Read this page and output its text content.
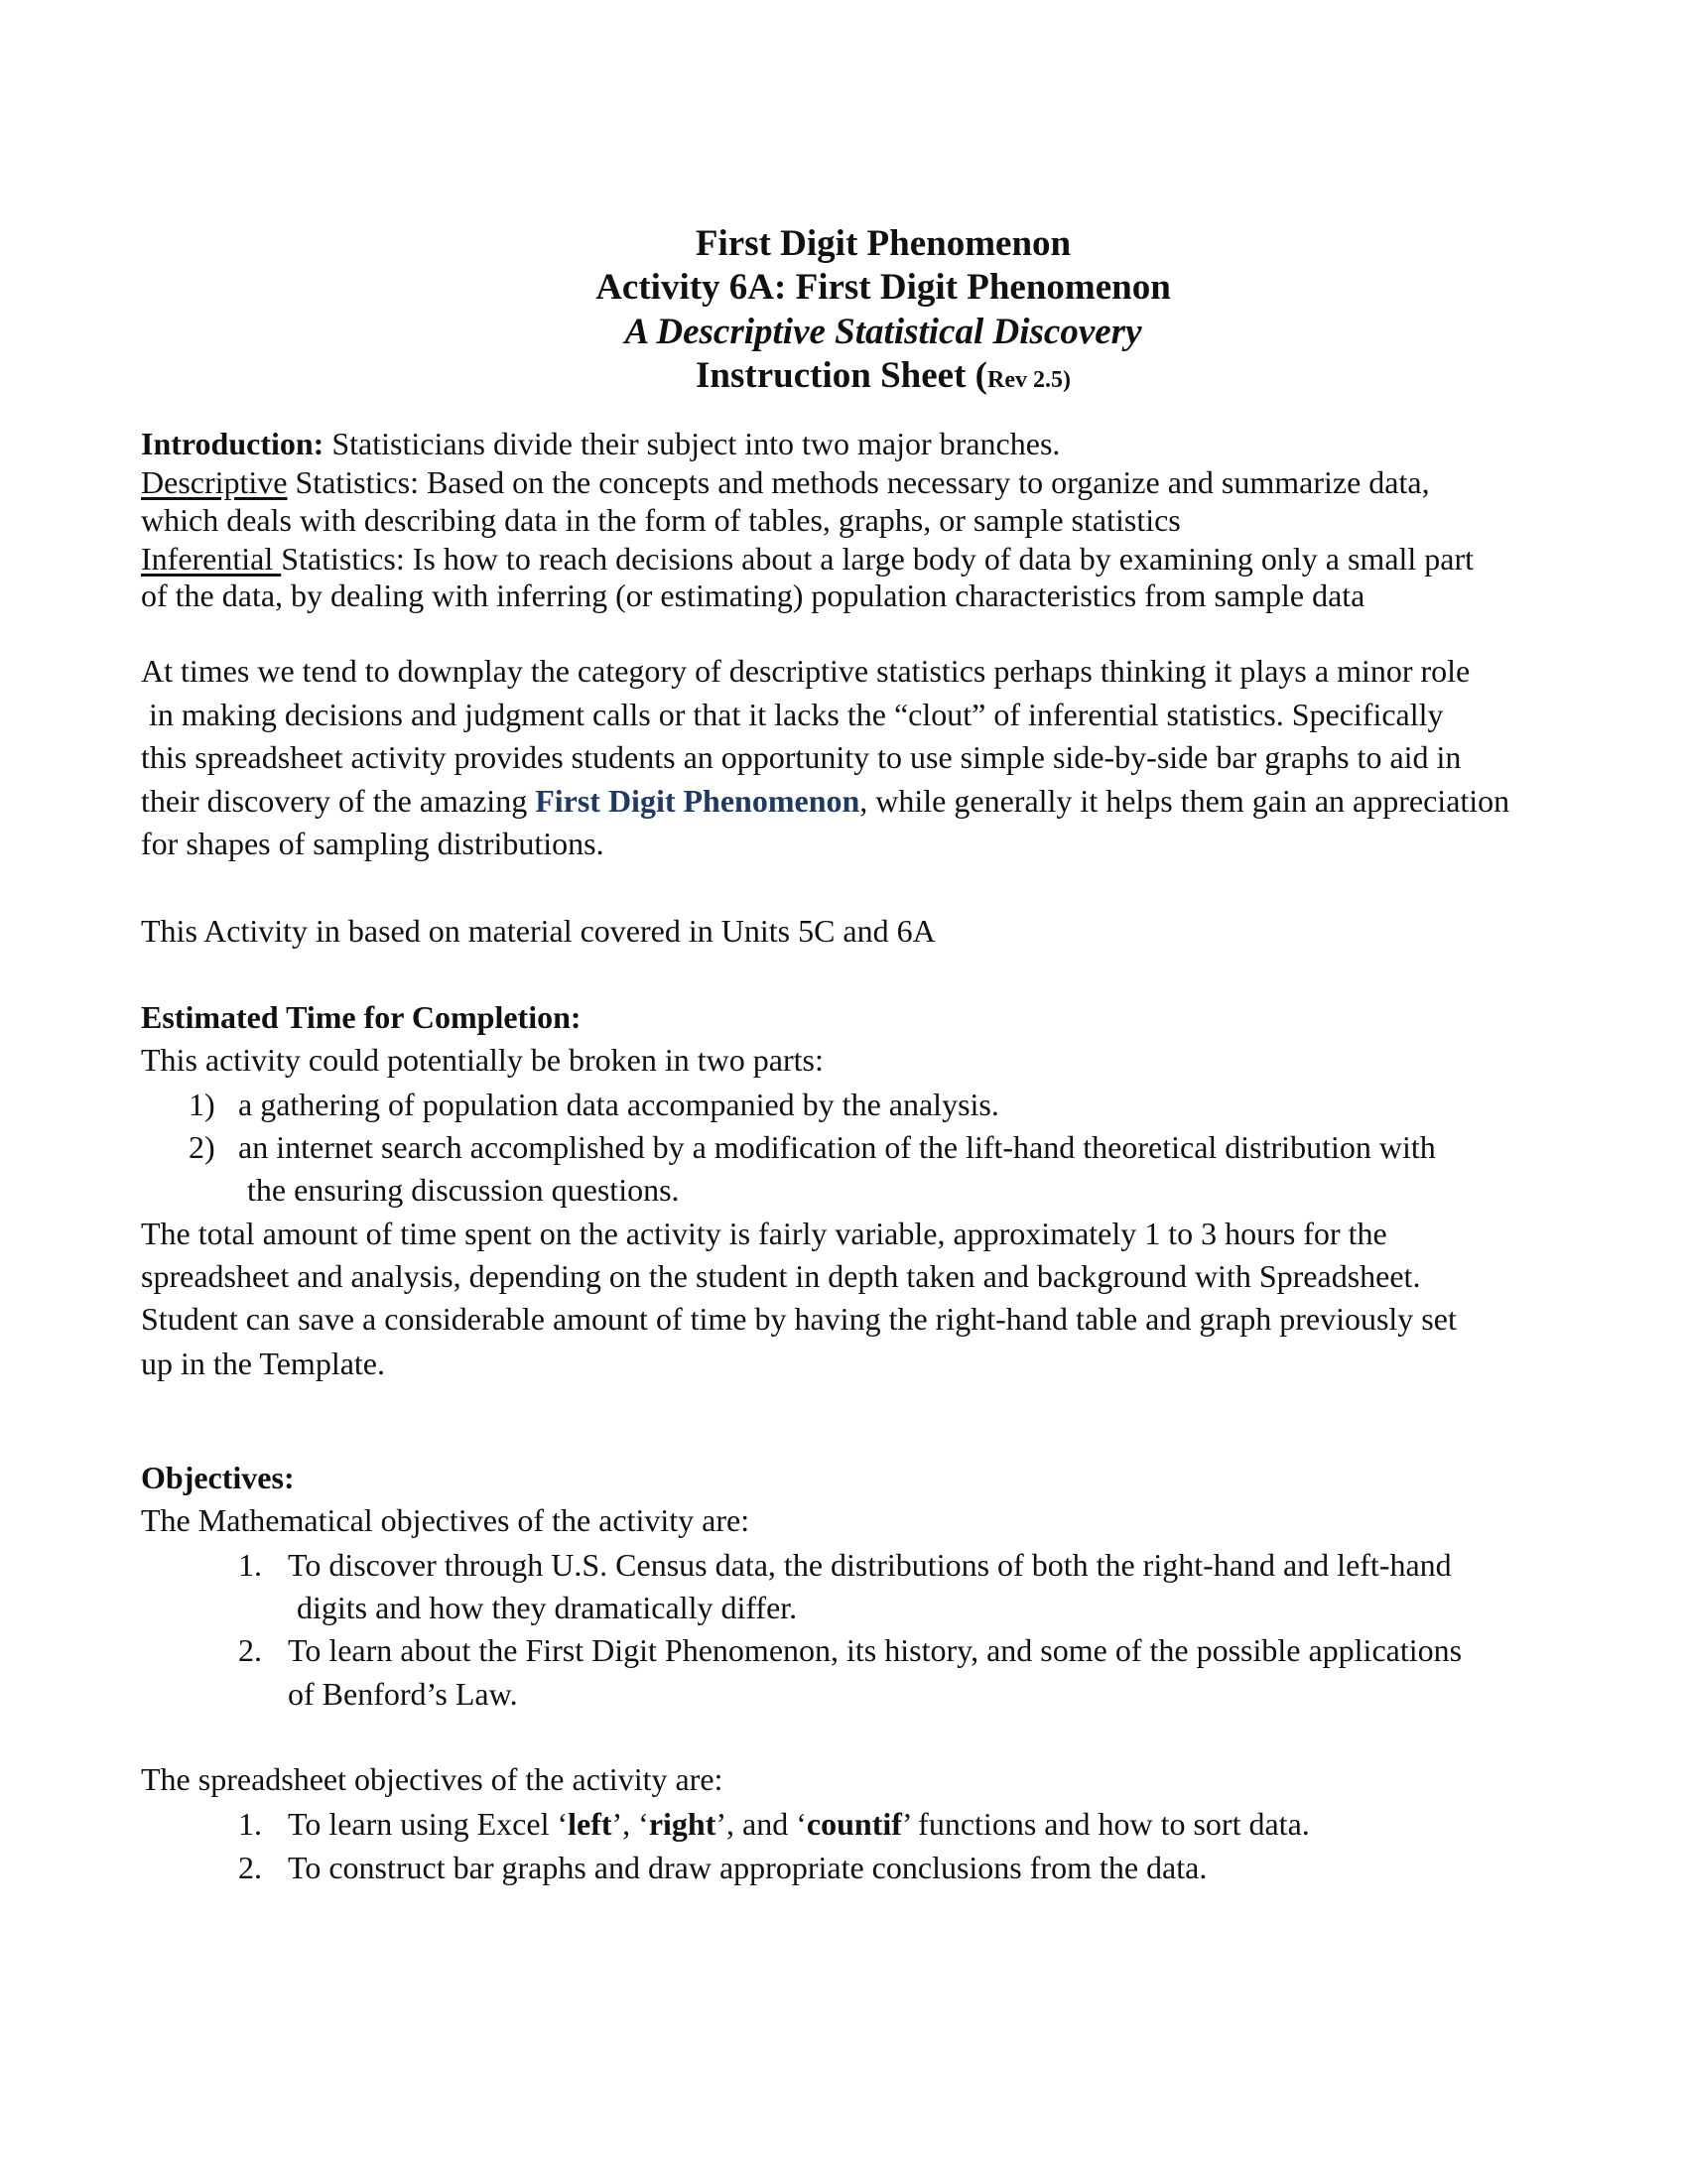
First Digit Phenomenon
Activity 6A: First Digit Phenomenon
A Descriptive Statistical Discovery
Instruction Sheet (Rev 2.5)
Introduction: Statisticians divide their subject into two major branches.
Descriptive Statistics: Based on the concepts and methods necessary to organize and summarize data,
which deals with describing data in the form of tables, graphs, or sample statistics
Inferential Statistics: Is how to reach decisions about a large body of data by examining only a small part
of the data, by dealing with inferring (or estimating) population characteristics from sample data
At times we tend to downplay the category of descriptive statistics perhaps thinking it plays a minor role
in making decisions and judgment calls or that it lacks the “clout” of inferential statistics. Specifically
this spreadsheet activity provides students an opportunity to use simple side-by-side bar graphs to aid in
their discovery of the amazing First Digit Phenomenon, while generally it helps them gain an appreciation
for shapes of sampling distributions.
This Activity in based on material covered in Units 5C and 6A
Estimated Time for Completion:
This activity could potentially be broken in two parts:
1) a gathering of population data accompanied by the analysis.
2) an internet search accomplished by a modification of the lift-hand theoretical distribution with
the ensuring discussion questions.
The total amount of time spent on the activity is fairly variable, approximately 1 to 3 hours for the
spreadsheet and analysis, depending on the student in depth taken and background with Spreadsheet.
Student can save a considerable amount of time by having the right-hand table and graph previously set
up in the Template.
Objectives:
The Mathematical objectives of the activity are:
1. To discover through U.S. Census data, the distributions of both the right-hand and left-hand
digits and how they dramatically differ.
2. To learn about the First Digit Phenomenon, its history, and some of the possible applications
of Benford’s Law.
The spreadsheet objectives of the activity are:
1. To learn using Excel ‘left’, ‘right’, and ‘countif’ functions and how to sort data.
2. To construct bar graphs and draw appropriate conclusions from the data.
